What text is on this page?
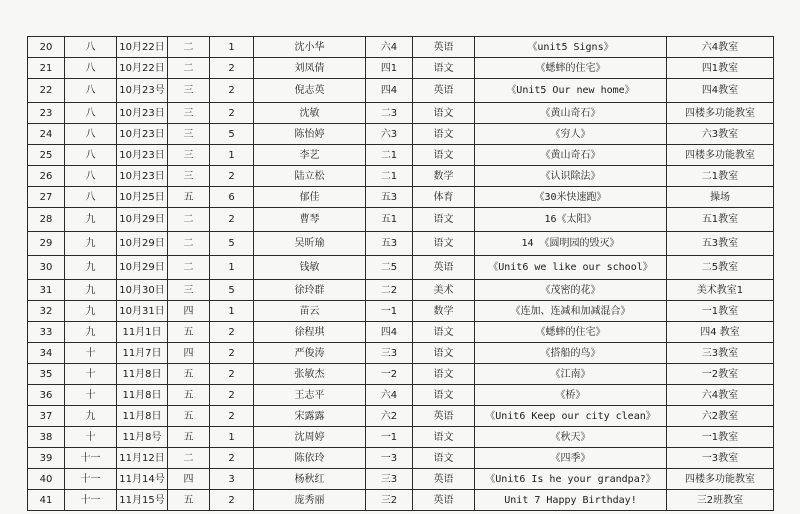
20	八	10月22日	二	1	沈小华	六4	英语	《unit5 Signs》	六4教室
21	八	10月22日	二	2	刘凤倩	四1	语文	《蟋蟀的住宅》	四1教室
22	八	10月23号	三	2	倪志英	四4	英语	《Unit5 Our new home》	四4教室
23	八	10月23日	三	2	沈敏	二3	语文	《黄山奇石》	四楼多功能教室
24	八	10月23日	三	5	陈怡婷	六3	语文	《穷人》	六3教室
25	八	10月23日	三	1	李艺	二1	语文	《黄山奇石》	四楼多功能教室
26	八	10月23日	三	2	陆立松	二1	数学	《认识除法》	二1教室
27	八	10月25日	五	6	郁佳	五3	体育	《30米快速跑》	操场
28	九	10月29日	二	2	曹琴	五1	语文	16《太阳》	五1教室
29	九	10月29日	二	5	吴昕瑜	五3	语文	14 《圆明园的毁灭》	五3教室
30	九	10月29日	二	1	钱敏	二5	英语	《Unit6 we like our school》	二5教室
31	九	10月30日	三	5	徐玲群	二2	美术	《茂密的花》	美术教室1
32	九	10月31日	四	1	苗云	一1	数学	《连加、连减和加减混合》	一1教室
33	九	11月1日	五	2	徐程琪	四4	语文	《蟋蟀的住宅》	四4 教室
34	十	11月7日	四	2	严俊涛	三3	语文	《搭船的鸟》	三3教室
35	十	11月8日	五	2	张敏杰	一2	语文	《江南》	一2教室
36	十	11月8日	五	2	王志平	六4	语文	《桥》	六4教室
37	九	11月8日	五	2	宋露露	六2	英语	《Unit6 Keep our city clean》	六2教室
38	十	11月8号	五	1	沈周婷	一1	语文	《秋天》	一1教室
39	十一	11月12日	二	2	陈依玲	一3	语文	《四季》	一3教室
40	十一	11月14号	四	3	杨秋红	三3	英语	《Unit6 Is he your grandpa?》	四楼多功能教室
41	十一	11月15号	五	2	庞秀丽	三2	英语	Unit 7 Happy Birthday!	三2班教室
